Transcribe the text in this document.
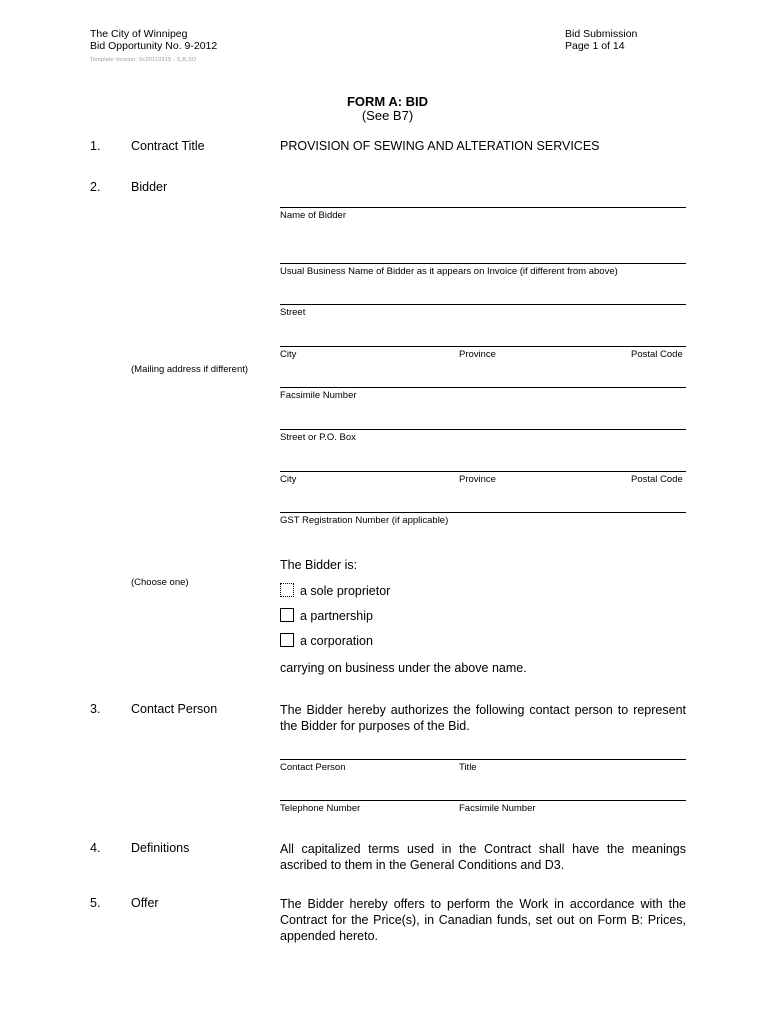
The City of Winnipeg
Bid Opportunity No. 9-2012
Template Version: Sc20110315 - S,B,SO
Bid Submission
Page 1 of 14
FORM A: BID
(See B7)
1. Contract Title	PROVISION OF SEWING AND ALTERATION SERVICES
2. Bidder
Name of Bidder
Usual Business Name of Bidder as it appears on Invoice (if different from above)
Street
City	Province	Postal Code
(Mailing address if different)
Facsimile Number
Street or P.O. Box
City	Province	Postal Code
GST Registration Number (if applicable)
The Bidder is:
(Choose one)
a sole proprietor
a partnership
a corporation
carrying on business under the above name.
3. Contact Person	The Bidder hereby authorizes the following contact person to represent the Bidder for purposes of the Bid.
Contact Person	Title
Telephone Number	Facsimile Number
4. Definitions	All capitalized terms used in the Contract shall have the meanings ascribed to them in the General Conditions and D3.
5. Offer	The Bidder hereby offers to perform the Work in accordance with the Contract for the Price(s), in Canadian funds, set out on Form B: Prices, appended hereto.
